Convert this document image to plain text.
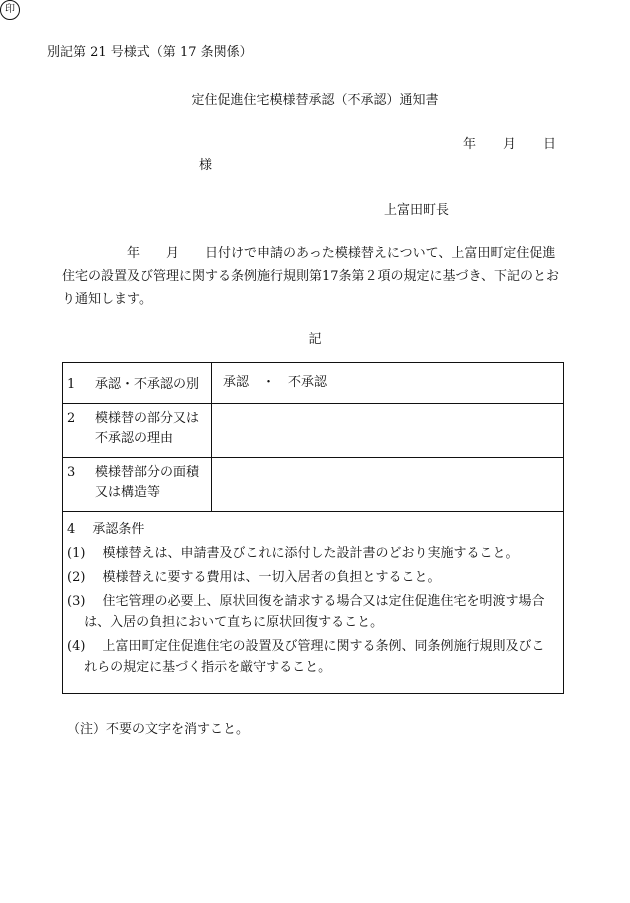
別記第 21 号様式（第 17 条関係）
定住促進住宅模様替承認（不承認）通知書
年 月 日
様
上富田町長
印
　　　　　年　　月　　日付けで申請のあった模様替えについて、上富田町定住促進
住宅の設置及び管理に関する条例施行規則第17条第２項の規定に基づき、下記のとお
り通知します。
記
1 承認・不承認の別 承認　・　不承認
2 模様替の部分又は
不承認の理由
3 模様替部分の面積
又は構造等
4　 承認条件
(1)　 模様替えは、申請書及びこれに添付した設計書のどおり実施すること。
(2)　 模様替えに要する費用は、一切入居者の負担とすること。
(3)　 住宅管理の必要上、原状回復を請求する場合又は定住促進住宅を明渡す場合
　 は、入居の負担において直ちに原状回復すること。
(4)　 上富田町定住促進住宅の設置及び管理に関する条例、同条例施行規則及びこ
　 れらの規定に基づく指示を厳守すること。
（注）不要の文字を消すこと。
